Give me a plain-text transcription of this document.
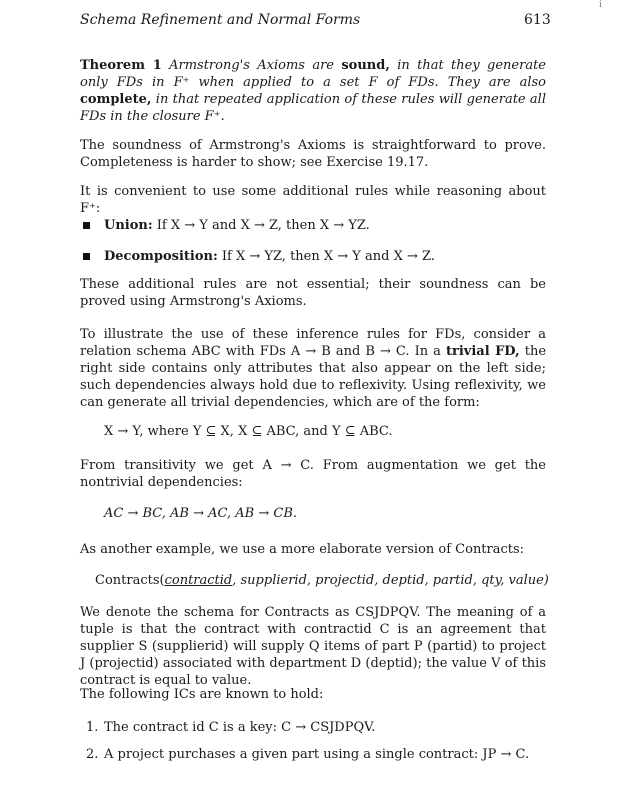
Schema Refinement and Normal Forms	613
i
Theorem 1 Armstrong's Axioms are sound, in that they generate only FDs in F⁺ when applied to a set F of FDs. They are also complete, in that repeated application of these rules will generate all FDs in the closure F⁺.
The soundness of Armstrong's Axioms is straightforward to prove. Completeness is harder to show; see Exercise 19.17.
It is convenient to use some additional rules while reasoning about F⁺:
Union: If X → Y and X → Z, then X → YZ.
Decomposition: If X → YZ, then X → Y and X → Z.
These additional rules are not essential; their soundness can be proved using Armstrong's Axioms.
To illustrate the use of these inference rules for FDs, consider a relation schema ABC with FDs A → B and B → C. In a trivial FD, the right side contains only attributes that also appear on the left side; such dependencies always hold due to reflexivity. Using reflexivity, we can generate all trivial dependencies, which are of the form:
X → Y, where Y ⊆ X, X ⊆ ABC, and Y ⊆ ABC.
From transitivity we get A → C. From augmentation we get the nontrivial dependencies:
AC → BC, AB → AC, AB → CB.
As another example, we use a more elaborate version of Contracts:
Contracts(contractid, supplierid, projectid, deptid, partid, qty, value)
We denote the schema for Contracts as CSJDPQV. The meaning of a tuple is that the contract with contractid C is an agreement that supplier S (supplierid) will supply Q items of part P (partid) to project J (projectid) associated with department D (deptid); the value V of this contract is equal to value.
The following ICs are known to hold:
1. The contract id C is a key: C → CSJDPQV.
2. A project purchases a given part using a single contract: JP → C.
